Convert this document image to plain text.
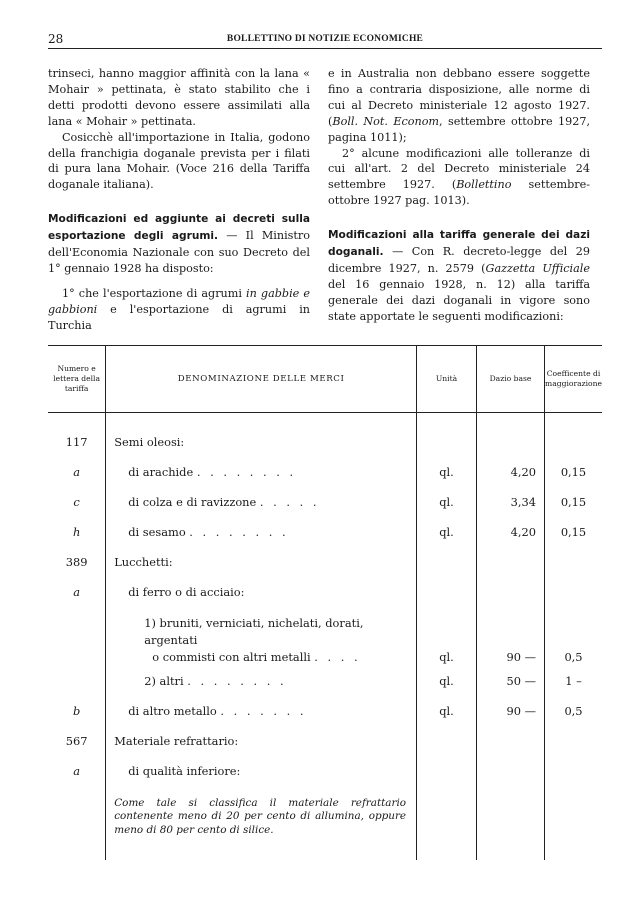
28	BOLLETTINO DI NOTIZIE ECONOMICHE

trinseci, hanno maggior affinità con la lana « Mohair » pettinata, è stato stabilito che i detti prodotti devono essere assimilati alla lana « Mohair » pettinata.

Cosicchè all'importazione in Italia, godono della franchigia doganale prevista per i filati di pura lana Mohair. (Voce 216 della Tariffa doganale italiana).

Modificazioni ed aggiunte ai decreti sulla esportazione degli agrumi. — Il Ministro dell'Economia Nazionale con suo Decreto del 1° gennaio 1928 ha disposto:

1° che l'esportazione di agrumi in gabbie e gabbioni e l'esportazione di agrumi in Turchia

e in Australia non debbano essere soggette fino a contraria disposizione, alle norme di cui al Decreto ministeriale 12 agosto 1927. (Boll. Not. Econom, settembre ottobre 1927, pagina 1011);

2° alcune modificazioni alle tolleranze di cui all'art. 2 del Decreto ministeriale 24 settembre 1927. (Bollettino settembre-ottobre 1927 pag. 1013).

Modificazioni alla tariffa generale dei dazi doganali. — Con R. decreto-legge del 29 dicembre 1927, n. 2579 (Gazzetta Ufficiale del 16 gennaio 1928, n. 12) alla tariffa generale dei dazi doganali in vigore sono state apportate le seguenti modificazioni:

Numero e lettera della tariffa	DENOMINAZIONE DELLE MERCI	Unità	Dazio base	Coefficente di maggiorazione
117	Semi oleosi:			
a	di arachide . . . . . . . .	ql.	4,20	0,15
c	di colza e di ravizzone . . . . .	ql.	3,34	0,15
h	di sesamo . . . . . . . .	ql.	4,20	0,15
389	Lucchetti:			
a	di ferro o di acciaio:			

	1) bruniti, verniciati, nichelati, dorati, argentati
o commisti con altri metalli . . . .	ql.	90 —	0,5
	2) altri . . . . . . . .	ql.	50 —	1 –
b	di altro metallo . . . . . . .	ql.	90 —	0,5
567	Materiale refrattario:			
a	di qualità inferiore:			

	Come tale si classifica il materiale refrattario contenente meno di 20 per cento di allumina, oppure meno di 80 per cento di silice.			
